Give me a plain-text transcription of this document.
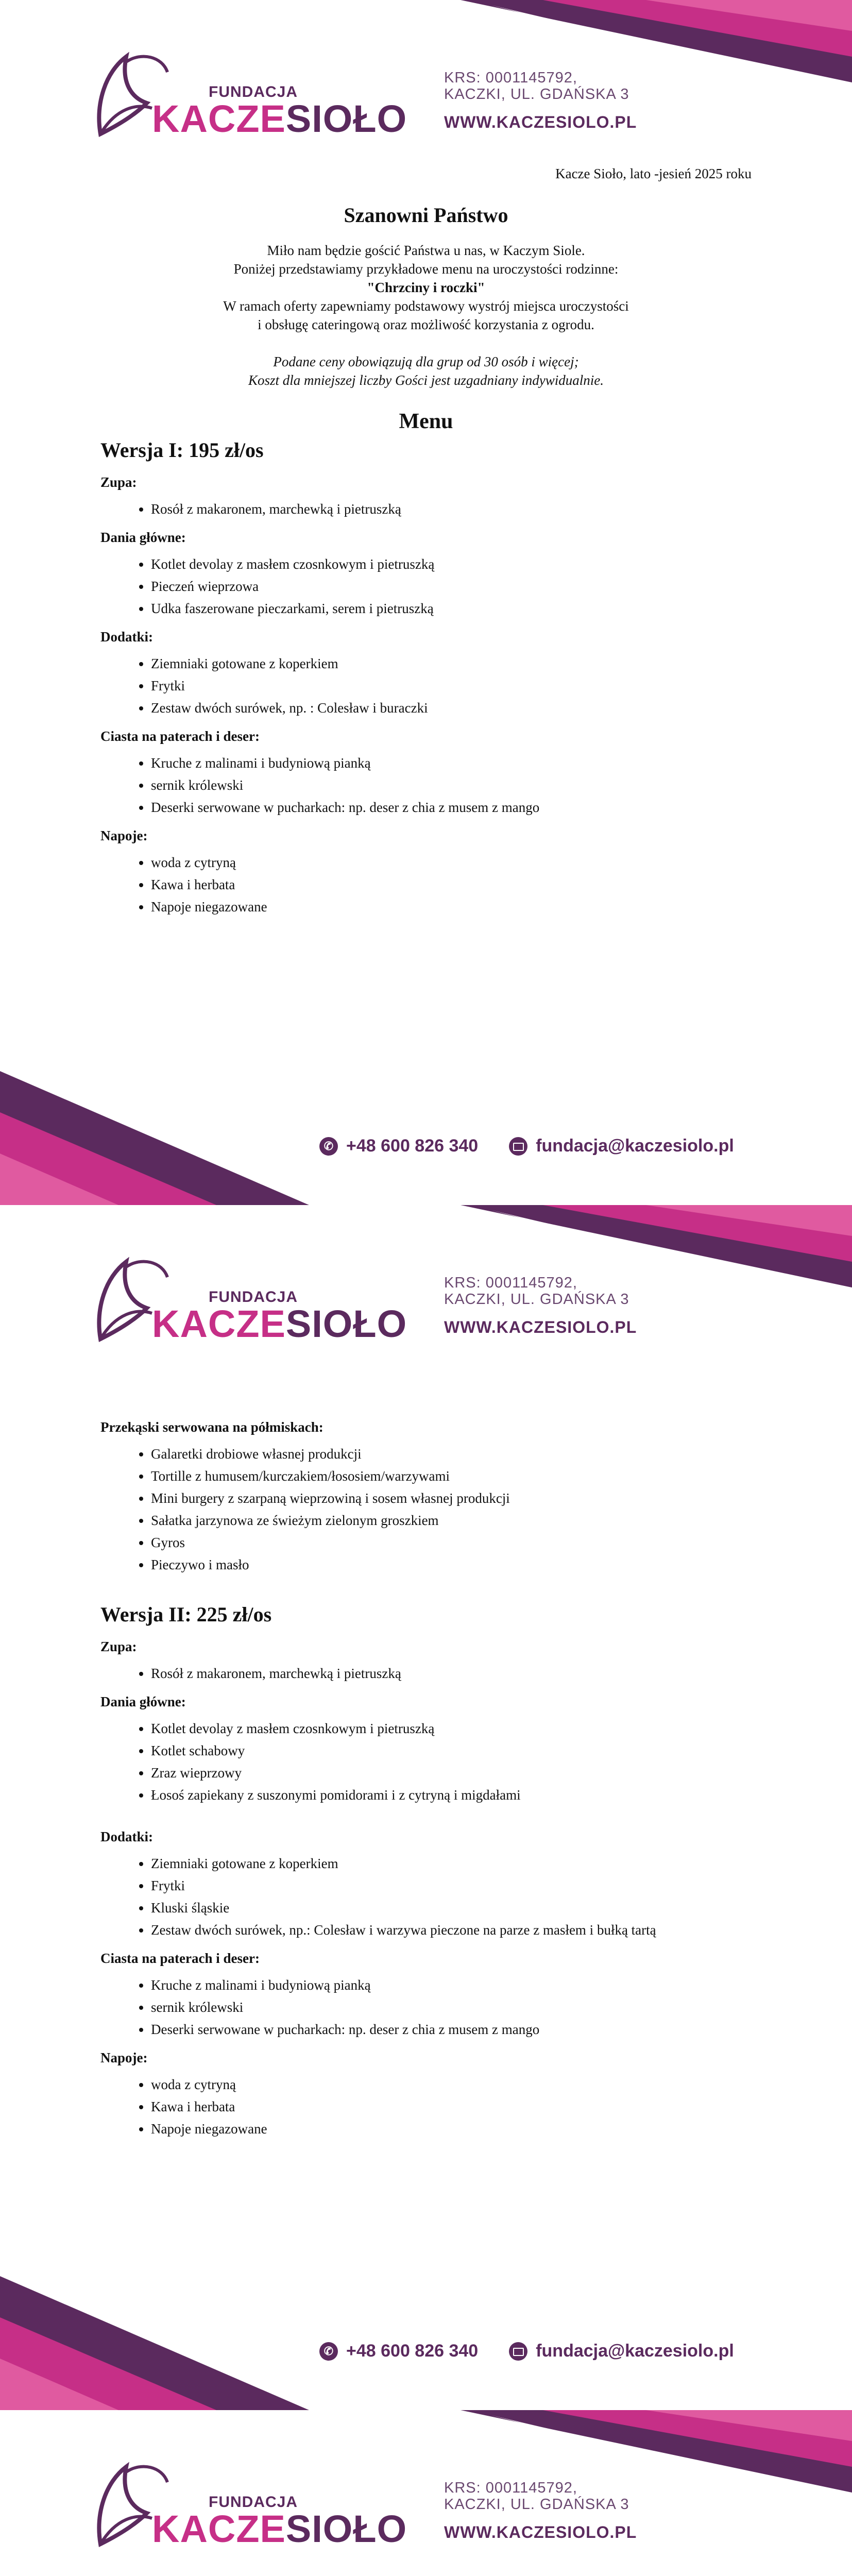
FUNDACJA
KACZESIOŁO
KRS: 0001145792,
KACZKI, UL. GDAŃSKA 3
WWW.KACZESIOLO.PL
Kacze Sioło, lato -jesień 2025 roku
Szanowni Państwo

Miło nam będzie gościć Państwa u nas, w Kaczym Siole.

Poniżej przedstawiamy przykładowe menu na uroczystości rodzinne:

"Chrzciny i roczki"

W ramach oferty zapewniamy podstawowy wystrój miejsca uroczystości

i obsługę cateringową oraz możliwość korzystania z ogrodu.

Podane ceny obowiązują dla grup od 30 osób i więcej;

Koszt dla mniejszej liczby Gości jest uzgadniany indywidualnie.

Menu
Wersja I: 195 zł/os
Zupa:
• Rosół z makaronem, marchewką i pietruszką
Dania główne:
• Kotlet devolay z masłem czosnkowym i pietruszką
• Pieczeń wieprzowa
• Udka faszerowane pieczarkami, serem i pietruszką
Dodatki:
• Ziemniaki gotowane z koperkiem
• Frytki
• Zestaw dwóch surówek, np. : Colesław i buraczki
Ciasta na paterach i deser:
• Kruche z malinami i budyniową pianką
• sernik królewski
• Deserki serwowane w pucharkach: np. deser z chia z musem z mango
Napoje:
• woda z cytryną
• Kawa i herbata
• Napoje niegazowane
✆ +48 600 826 340	fundacja@kaczesiolo.pl
FUNDACJA
KACZESIOŁO
KRS: 0001145792,
KACZKI, UL. GDAŃSKA 3
WWW.KACZESIOLO.PL
Przekąski serwowana na półmiskach:
• Galaretki drobiowe własnej produkcji
• Tortille z humusem/kurczakiem/łososiem/warzywami
• Mini burgery z szarpaną wieprzowiną i sosem własnej produkcji
• Sałatka jarzynowa ze świeżym zielonym groszkiem
• Gyros
• Pieczywo i masło
Wersja II: 225 zł/os
Zupa:
• Rosół z makaronem, marchewką i pietruszką
Dania główne:
• Kotlet devolay z masłem czosnkowym i pietruszką
• Kotlet schabowy
• Zraz wieprzowy
• Łosoś zapiekany z suszonymi pomidorami i z cytryną i migdałami
Dodatki:
• Ziemniaki gotowane z koperkiem
• Frytki
• Kluski śląskie
• Zestaw dwóch surówek, np.: Colesław i warzywa pieczone na parze z masłem i bułką tartą
Ciasta na paterach i deser:
• Kruche z malinami i budyniową pianką
• sernik królewski
• Deserki serwowane w pucharkach: np. deser z chia z musem z mango
Napoje:
• woda z cytryną
• Kawa i herbata
• Napoje niegazowane
✆ +48 600 826 340	fundacja@kaczesiolo.pl
FUNDACJA
KACZESIOŁO
KRS: 0001145792,
KACZKI, UL. GDAŃSKA 3
WWW.KACZESIOLO.PL
